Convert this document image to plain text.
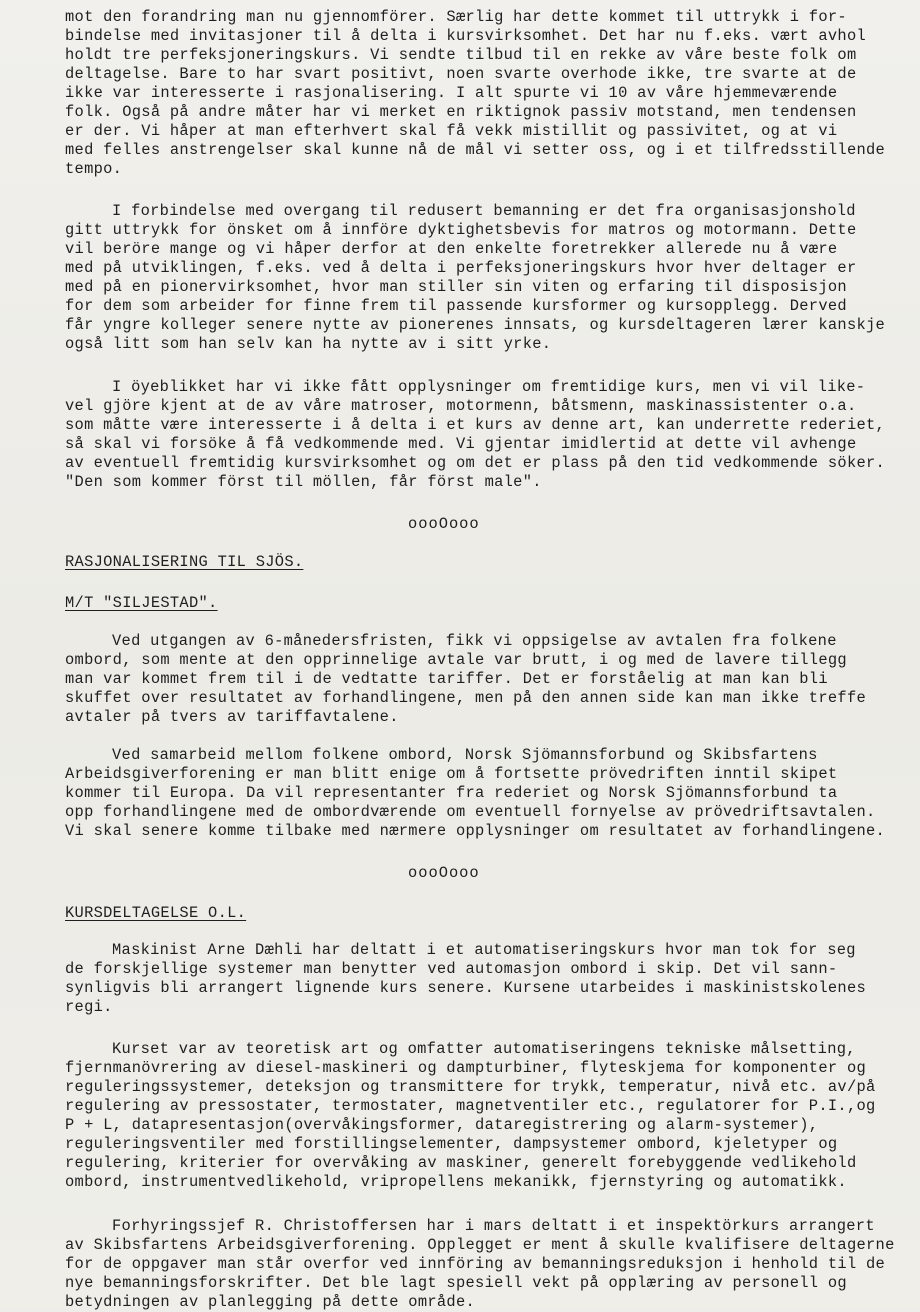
mot den forandring man nu gjennomförer. Særlig har dette kommet til uttrykk i for-
bindelse med invitasjoner til å delta i kursvirksomhet. Det har nu f.eks. vært avhol
holdt tre perfeksjoneringskurs. Vi sendte tilbud til en rekke av våre beste folk om
deltagelse. Bare to har svart positivt, noen svarte overhode ikke, tre svarte at de
ikke var interesserte i rasjonalisering. I alt spurte vi 10 av våre hjemmeværende
folk. Også på andre måter har vi merket en riktignok passiv motstand, men tendensen
er der. Vi håper at man efterhvert skal få vekk mistillit og passivitet, og at vi
med felles anstrengelser skal kunne nå de mål vi setter oss, og i et tilfredsstillende
tempo.
I forbindelse med overgang til redusert bemanning er det fra organisasjonshold
gitt uttrykk for önsket om å innföre dyktighetsbevis for matros og motormann. Dette
vil beröre mange og vi håper derfor at den enkelte foretrekker allerede nu å være
med på utviklingen, f.eks. ved å delta i perfeksjoneringskurs hvor hver deltager er
med på en pionervirksomhet, hvor man stiller sin viten og erfaring til disposisjon
for dem som arbeider for finne frem til passende kursformer og kursopplegg. Derved
får yngre kolleger senere nytte av pionerenes innsats, og kursdeltageren lærer kanskje
også litt som han selv kan ha nytte av i sitt yrke.
I öyeblikket har vi ikke fått opplysninger om fremtidige kurs, men vi vil like-
vel gjöre kjent at de av våre matroser, motormenn, båtsmenn, maskinassistenter o.a.
som måtte være interesserte i å delta i et kurs av denne art, kan underrette rederiet,
så skal vi forsöke å få vedkommende med. Vi gjentar imidlertid at dette vil avhenge
av eventuell fremtidig kursvirksomhet og om det er plass på den tid vedkommende söker.
"Den som kommer först til möllen, får först male".
oooOooo
RASJONALISERING TIL SJÖS.
M/T "SILJESTAD".
Ved utgangen av 6-månedersfristen, fikk vi oppsigelse av avtalen fra folkene
ombord, som mente at den opprinnelige avtale var brutt, i og med de lavere tillegg
man var kommet frem til i de vedtatte tariffer. Det er forståelig at man kan bli
skuffet over resultatet av forhandlingene, men på den annen side kan man ikke treffe
avtaler på tvers av tariffavtalene.
Ved samarbeid mellom folkene ombord, Norsk Sjömannsforbund og Skibsfartens
Arbeidsgiverforening er man blitt enige om å fortsette prövedriften inntil skipet
kommer til Europa. Da vil representanter fra rederiet og Norsk Sjömannsforbund ta
opp forhandlingene med de ombordværende om eventuell fornyelse av prövedriftsavtalen.
Vi skal senere komme tilbake med nærmere opplysninger om resultatet av forhandlingene.
oooOooo
KURSDELTAGELSE O.L.
Maskinist Arne Dæhli har deltatt i et automatiseringskurs hvor man tok for seg
de forskjellige systemer man benytter ved automasjon ombord i skip. Det vil sann-
synligvis bli arrangert lignende kurs senere. Kursene utarbeides i maskinistskolenes
regi.
Kurset var av teoretisk art og omfatter automatiseringens tekniske målsetting,
fjernmanövrering av diesel-maskineri og dampturbiner, flyteskjema for komponenter og
reguleringssystemer, deteksjon og transmittere for trykk, temperatur, nivå etc. av/på
regulering av pressostater, termostater, magnetventiler etc., regulatorer for P.I.,og
P + L, datapresentasjon(overvåkingsformer, dataregistrering og alarm-systemer),
reguleringsventiler med forstillingselementer, dampsystemer ombord, kjeletyper og
regulering, kriterier for overvåking av maskiner, generelt forebyggende vedlikehold
ombord, instrumentvedlikehold, vripropellens mekanikk, fjernstyring og automatikk.
Forhyringssjef R. Christoffersen har i mars deltatt i et inspektörkurs arrangert
av Skibsfartens Arbeidsgiverforening. Opplegget er ment å skulle kvalifisere deltagerne
for de oppgaver man står overfor ved innföring av bemanningsreduksjon i henhold til de
nye bemanningsforskrifter. Det ble lagt spesiell vekt på opplæring av personell og
betydningen av planlegging på dette område.
